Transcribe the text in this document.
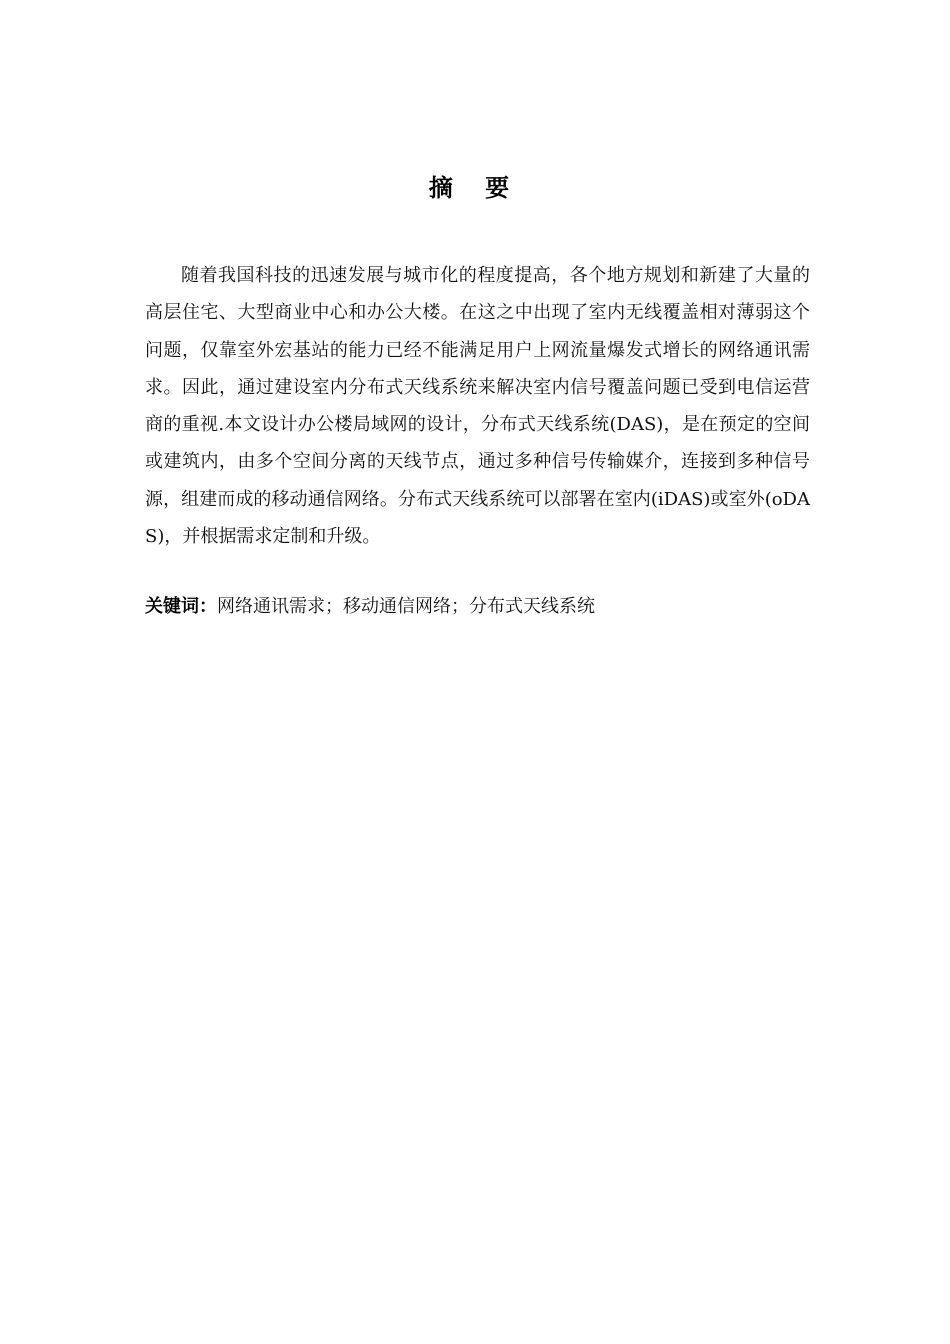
摘 要

随着我国科技的迅速发展与城市化的程度提高，各个地方规划和新建了大量的高层住宅、大型商业中心和办公大楼。在这之中出现了室内无线覆盖相对薄弱这个问题，仅靠室外宏基站的能力已经不能满足用户上网流量爆发式增长的网络通讯需求。因此，通过建设室内分布式天线系统来解决室内信号覆盖问题已受到电信运营商的重视.本文设计办公楼局域网的设计，分布式天线系统(DAS)，是在预定的空间或建筑内，由多个空间分离的天线节点，通过多种信号传输媒介，连接到多种信号源，组建而成的移动通信网络。分布式天线系统可以部署在室内(iDAS)或室外(oDAS)，并根据需求定制和升级。

关键词：网络通讯需求；移动通信网络；分布式天线系统
